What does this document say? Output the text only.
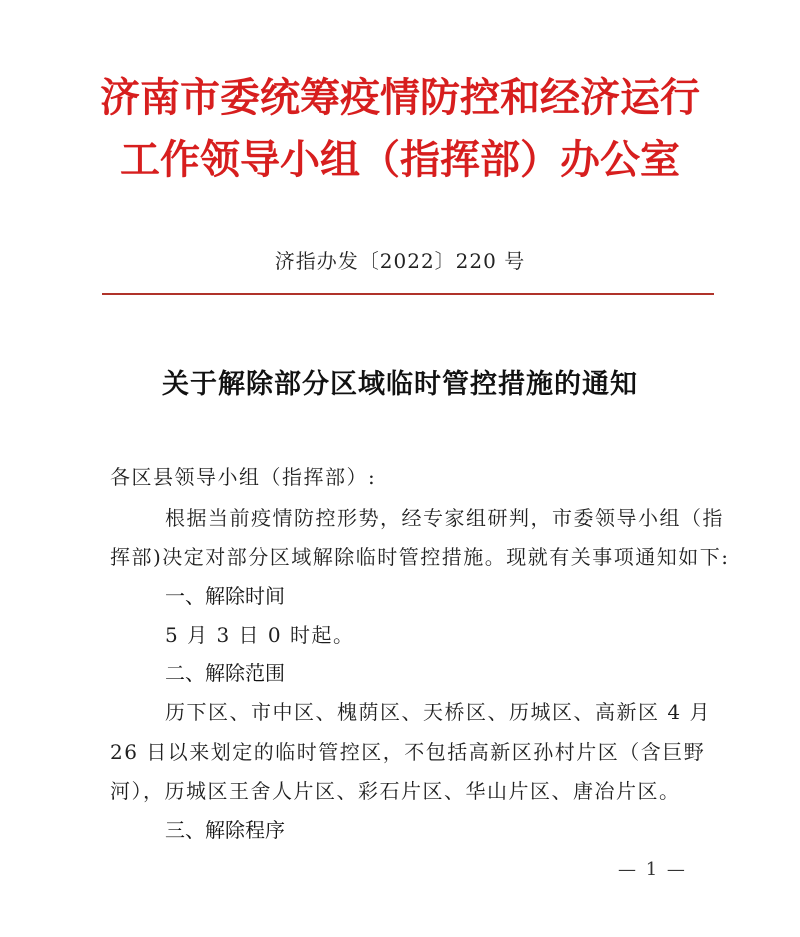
济南市委统筹疫情防控和经济运行
工作领导小组（指挥部）办公室
济指办发〔2022〕220 号
关于解除部分区域临时管控措施的通知
各区县领导小组（指挥部）:
根据当前疫情防控形势，经专家组研判，市委领导小组（指
挥部)决定对部分区域解除临时管控措施。现就有关事项通知如下:
一、解除时间
5 月 3 日 0 时起。
二、解除范围
历下区、市中区、槐荫区、天桥区、历城区、高新区 4 月
26 日以来划定的临时管控区，不包括高新区孙村片区（含巨野
河），历城区王舍人片区、彩石片区、华山片区、唐冶片区。
三、解除程序
— 1 —
